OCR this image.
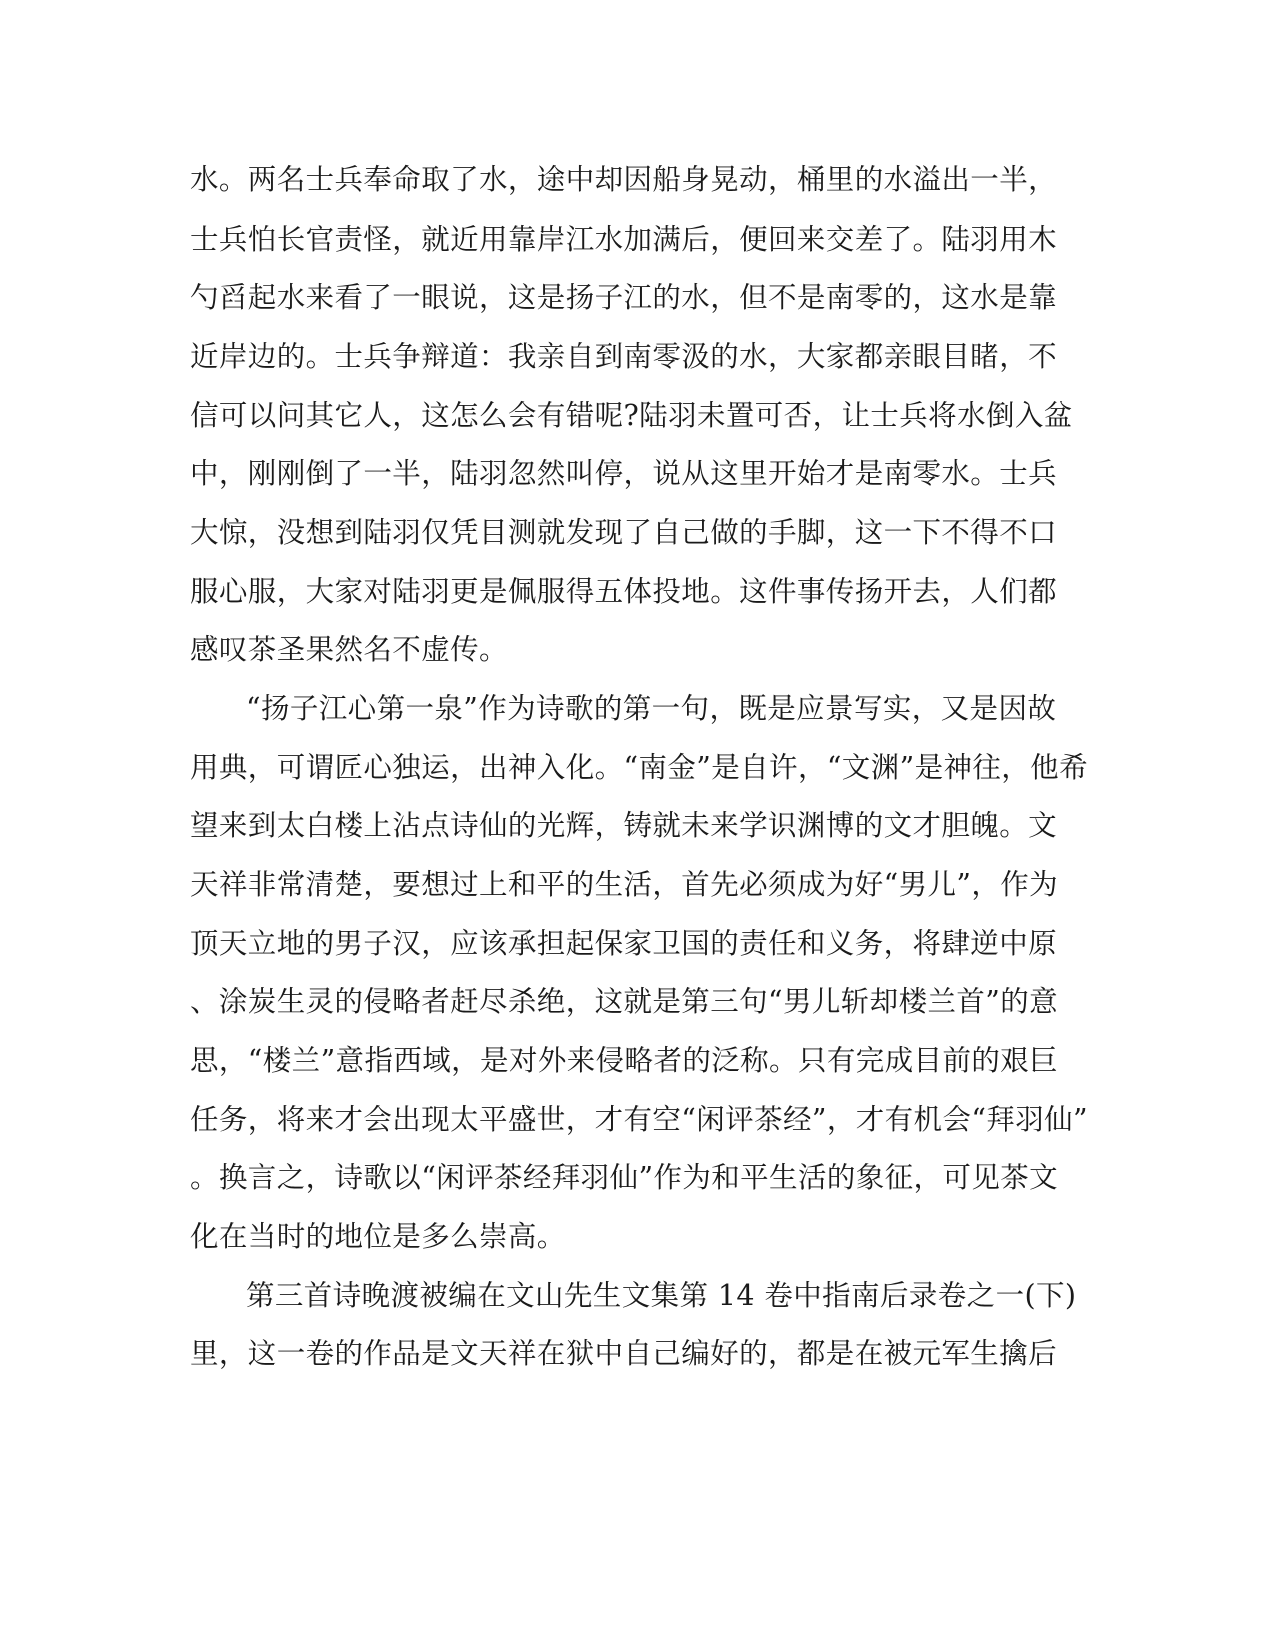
水。两名士兵奉命取了水，途中却因船身晃动，桶里的水溢出一半，
士兵怕长官责怪，就近用靠岸江水加满后，便回来交差了。陆羽用木
勺舀起水来看了一眼说，这是扬子江的水，但不是南零的，这水是靠
近岸边的。士兵争辩道：我亲自到南零汲的水，大家都亲眼目睹，不
信可以问其它人，这怎么会有错呢?陆羽未置可否，让士兵将水倒入盆
中，刚刚倒了一半，陆羽忽然叫停，说从这里开始才是南零水。士兵
大惊，没想到陆羽仅凭目测就发现了自己做的手脚，这一下不得不口
服心服，大家对陆羽更是佩服得五体投地。这件事传扬开去，人们都
感叹茶圣果然名不虚传。
“扬子江心第一泉”作为诗歌的第一句，既是应景写实，又是因故
用典，可谓匠心独运，出神入化。“南金”是自许，“文渊”是神往，他希
望来到太白楼上沾点诗仙的光辉，铸就未来学识渊博的文才胆魄。文
天祥非常清楚，要想过上和平的生活，首先必须成为好“男儿”，作为
顶天立地的男子汉，应该承担起保家卫国的责任和义务，将肆逆中原
、涂炭生灵的侵略者赶尽杀绝，这就是第三句“男儿斩却楼兰首”的意
思，“楼兰”意指西域，是对外来侵略者的泛称。只有完成目前的艰巨
任务，将来才会出现太平盛世，才有空“闲评茶经”，才有机会“拜羽仙”
。换言之，诗歌以“闲评茶经拜羽仙”作为和平生活的象征，可见茶文
化在当时的地位是多么崇高。
第三首诗晚渡被编在文山先生文集第 14 卷中指南后录卷之一(下)
里，这一卷的作品是文天祥在狱中自己编好的，都是在被元军生擒后
